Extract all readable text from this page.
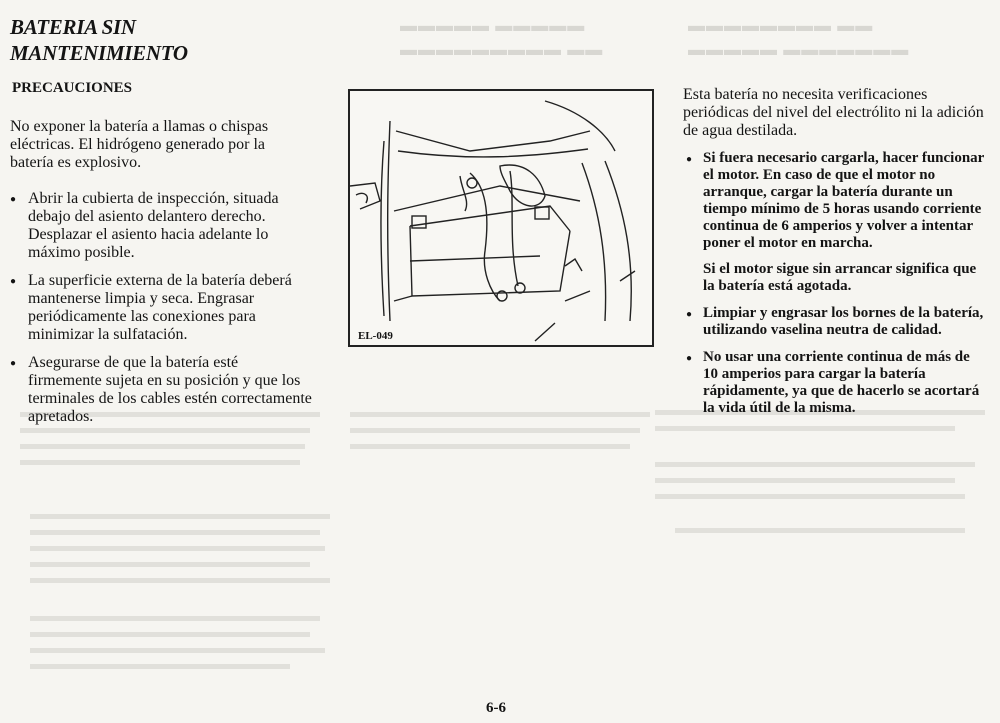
▬▬▬▬▬ ▬▬▬▬▬
▬▬▬▬▬▬▬▬▬ ▬▬
▬▬▬▬▬▬▬▬ ▬▬
▬▬▬▬▬ ▬▬▬▬▬▬▬
BATERIA SIN MANTENIMIENTO
PRECAUCIONES

No exponer la batería a llamas o chispas eléctricas. El hidrógeno generado por la batería es explosivo.

● Abrir la cubierta de inspección, situada debajo del asiento delantero derecho. Desplazar el asiento hacia adelante lo máximo posible.
● La superficie externa de la batería deberá mantenerse limpia y seca. Engrasar periódicamente las conexiones para minimizar la sulfatación.
● Asegurarse de que la batería esté firmemente sujeta en su posición y que los terminales de los cables estén correctamente apretados.
EL-049

Esta batería no necesita verificaciones periódicas del nivel del electrólito ni la adición de agua destilada.

● Si fuera necesario cargarla, hacer funcionar el motor. En caso de que el motor no arranque, cargar la batería durante un tiempo mínimo de 5 horas usando corriente continua de 6 amperios y volver a intentar poner el motor en marcha.
Si el motor sigue sin arrancar significa que la batería está agotada.
● Limpiar y engrasar los bornes de la batería, utilizando vaselina neutra de calidad.
● No usar una corriente continua de más de 10 amperios para cargar la batería rápidamente, ya que de hacerlo se acortará la vida útil de la misma.
6-6
